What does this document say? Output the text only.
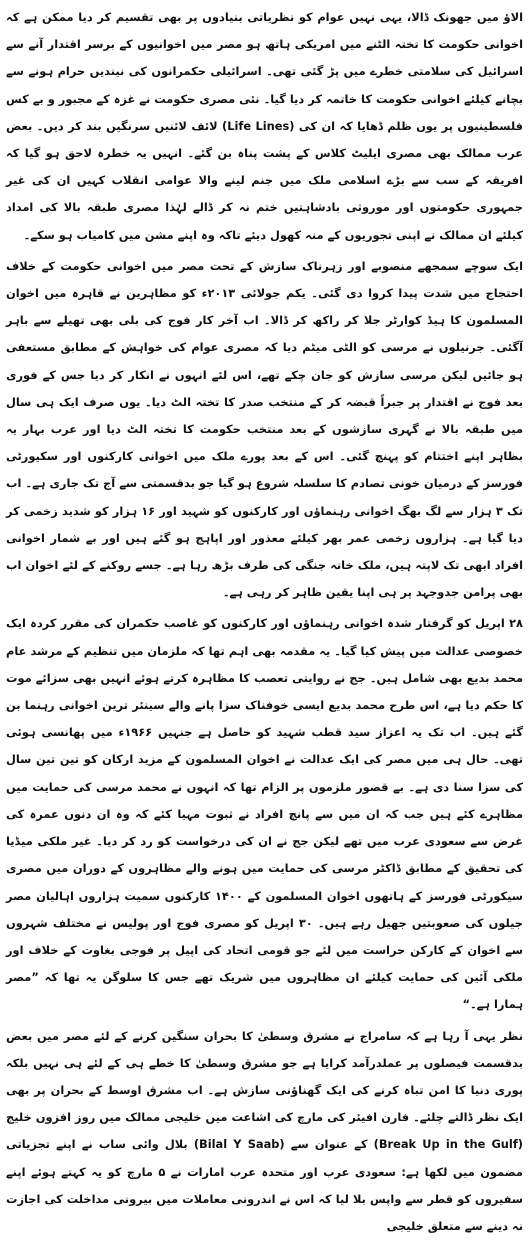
الاؤ میں جھونک ڈالا، یہی نہیں عوام کو نظریاتی بنیادوں پر بھی تقسیم کر دیا ممکن ہے کہ اخوانی حکومت کا تختہ الٹنے میں امریکی ہاتھ ہو مصر میں اخوانیوں کے برسر اقتدار آنے سے اسرائیل کی سلامتی خطرے میں پڑ گئی تھی۔ اسرائیلی حکمرانوں کی نیندیں حرام ہونے سے بچانے کیلئے اخوانی حکومت کا خاتمہ کر دیا گیا۔ نئی مصری حکومت نے غزہ کے مجبور و بے کس فلسطینیوں پر یوں ظلم ڈھایا کہ ان کی (Life Lines) لائف لائنیں سرنگیں بند کر دیں۔ بعض عرب ممالک بھی مصری ایلیٹ کلاس کے پشت پناہ بن گئے۔ انہیں یہ خطرہ لاحق ہو گیا کہ افریقہ کے سب سے بڑے اسلامی ملک میں جنم لینے والا عوامی انقلاب کہیں ان کی غیر جمہوری حکومتوں اور موروثی بادشاہتیں ختم نہ کر ڈالے لہٰذا مصری طبقہ بالا کی امداد کیلئے ان ممالک نے اپنی تجوریوں کے منہ کھول دیئے تاکہ وہ اپنے مشن میں کامیاب ہو سکے۔

ایک سوچے سمجھے منصوبے اور زہرناک سازش کے تحت مصر میں اخوانی حکومت کے خلاف احتجاج میں شدت پیدا کروا دی گئی۔ یکم جولائی ۲۰۱۳ء کو مظاہرین نے قاہرہ میں اخوان المسلمون کا ہیڈ کوارٹر جلا کر راکھ کر ڈالا۔ اب آخر کار فوج کی بلی بھی تھیلے سے باہر آگئی۔ جرنیلوں نے مرسی کو الٹی میٹم دیا کہ مصری عوام کی خواہش کے مطابق مستعفی ہو جائیں لیکن مرسی سازش کو جان چکے تھے، اس لئے انہوں نے انکار کر دیا جس کے فوری بعد فوج نے اقتدار پر جبراً قبضہ کر کے منتخب صدر کا تختہ الٹ دیا۔ یوں صرف ایک ہی سال میں طبقہ بالا نے گہری سازشوں کے بعد منتخب حکومت کا تختہ الٹ دیا اور عرب بہار یہ بظاہر اپنے اختتام کو پہنچ گئی۔ اس کے بعد پورے ملک میں اخوانی کارکنوں اور سکیورٹی فورسز کے درمیان خونی تصادم کا سلسلہ شروع ہو گیا جو بدقسمتی سے آج تک جاری ہے۔ اب تک ۳ ہزار سے لگ بھگ اخوانی رہنماؤں اور کارکنوں کو شہید اور ۱۶ ہزار کو شدید زخمی کر دیا گیا ہے۔ ہزاروں زخمی عمر بھر کیلئے معذور اور اپاہج ہو گئے ہیں اور بے شمار اخوانی افراد ابھی تک لاپتہ ہیں، ملک خانہ جنگی کی طرف بڑھ رہا ہے۔ جسے روکنے کے لئے اخوان اب بھی پرامن جدوجہد پر ہی اپنا یقین ظاہر کر رہی ہے۔

۲۸ اپریل کو گرفتار شدہ اخوانی رہنماؤں اور کارکنوں کو غاصب حکمران کی مقرر کردہ ایک خصوصی عدالت میں پیش کیا گیا۔ یہ مقدمہ بھی اہم تھا کہ ملزمان میں تنظیم کے مرشد عام محمد بدیع بھی شامل ہیں۔ جج نے روایتی تعصب کا مظاہرہ کرتے ہوئے انہیں بھی سزائے موت کا حکم دیا ہے، اس طرح محمد بدیع ایسی خوفناک سزا پانے والے سینئر ترین اخوانی رہنما بن گئے ہیں۔ اب تک یہ اعزاز سید قطب شہید کو حاصل ہے جنہیں ۱۹۶۶ء میں پھانسی ہوئی تھی۔ حال ہی میں مصر کی ایک عدالت نے اخوان المسلمون کے مزید ارکان کو تین تین سال کی سزا سنا دی ہے۔ بے قصور ملزموں پر الزام تھا کہ انہوں نے محمد مرسی کی حمایت میں مظاہرے کئے ہیں جب کہ ان میں سے پانچ افراد نے ثبوت مہیا کئے کہ وہ ان دنوں عمرہ کی غرض سے سعودی عرب میں تھے لیکن جج نے ان کی درخواست کو رد کر دیا۔ غیر ملکی میڈیا کی تحقیق کے مطابق ڈاکٹر مرسی کی حمایت میں ہونے والے مظاہروں کے دوران میں مصری سیکورٹی فورسز کے ہاتھوں اخوان المسلمون کے ۱۴۰۰ کارکنوں سمیت ہزاروں اہالیان مصر جیلوں کی صعوبتیں جھیل رہے ہیں۔ ۳۰ اپریل کو مصری فوج اور پولیس نے مختلف شہروں سے اخوان کے کارکن حراست میں لئے جو قومی اتحاد کی اپیل پر فوجی بغاوت کے خلاف اور ملکی آئین کی حمایت کیلئے ان مظاہروں میں شریک تھے جس کا سلوگن یہ تھا کہ ”مصر ہمارا ہے۔“

نظر یہی آ رہا ہے کہ سامراج نے مشرق وسطیٰ کا بحران سنگین کرنے کے لئے مصر میں بعض بدقسمت فیصلوں پر عملدرآمد کرایا ہے جو مشرق وسطیٰ کا خطے ہی کے لئے ہی نہیں بلکہ پوری دنیا کا امن تباہ کرنے کی ایک گھناؤنی سازش ہے۔ اب مشرق اوسط کے بحران پر بھی ایک نظر ڈالتے چلئے۔ فارن افیئر کی مارچ کی اشاعت میں خلیجی ممالک میں روز افزوں خلیج (Break Up in the Gulf) کے عنوان سے (Bilal Y Saab) بلال وائی ساب نے اپنے تجزیاتی مضمون میں لکھا ہے: سعودی عرب اور متحدہ عرب امارات نے ۵ مارچ کو یہ کہتے ہوئے اپنے سفیروں کو قطر سے واپس بلا لیا کہ اس نے اندرونی معاملات میں بیرونی مداخلت کی اجازت نہ دینے سے متعلق خلیجی
